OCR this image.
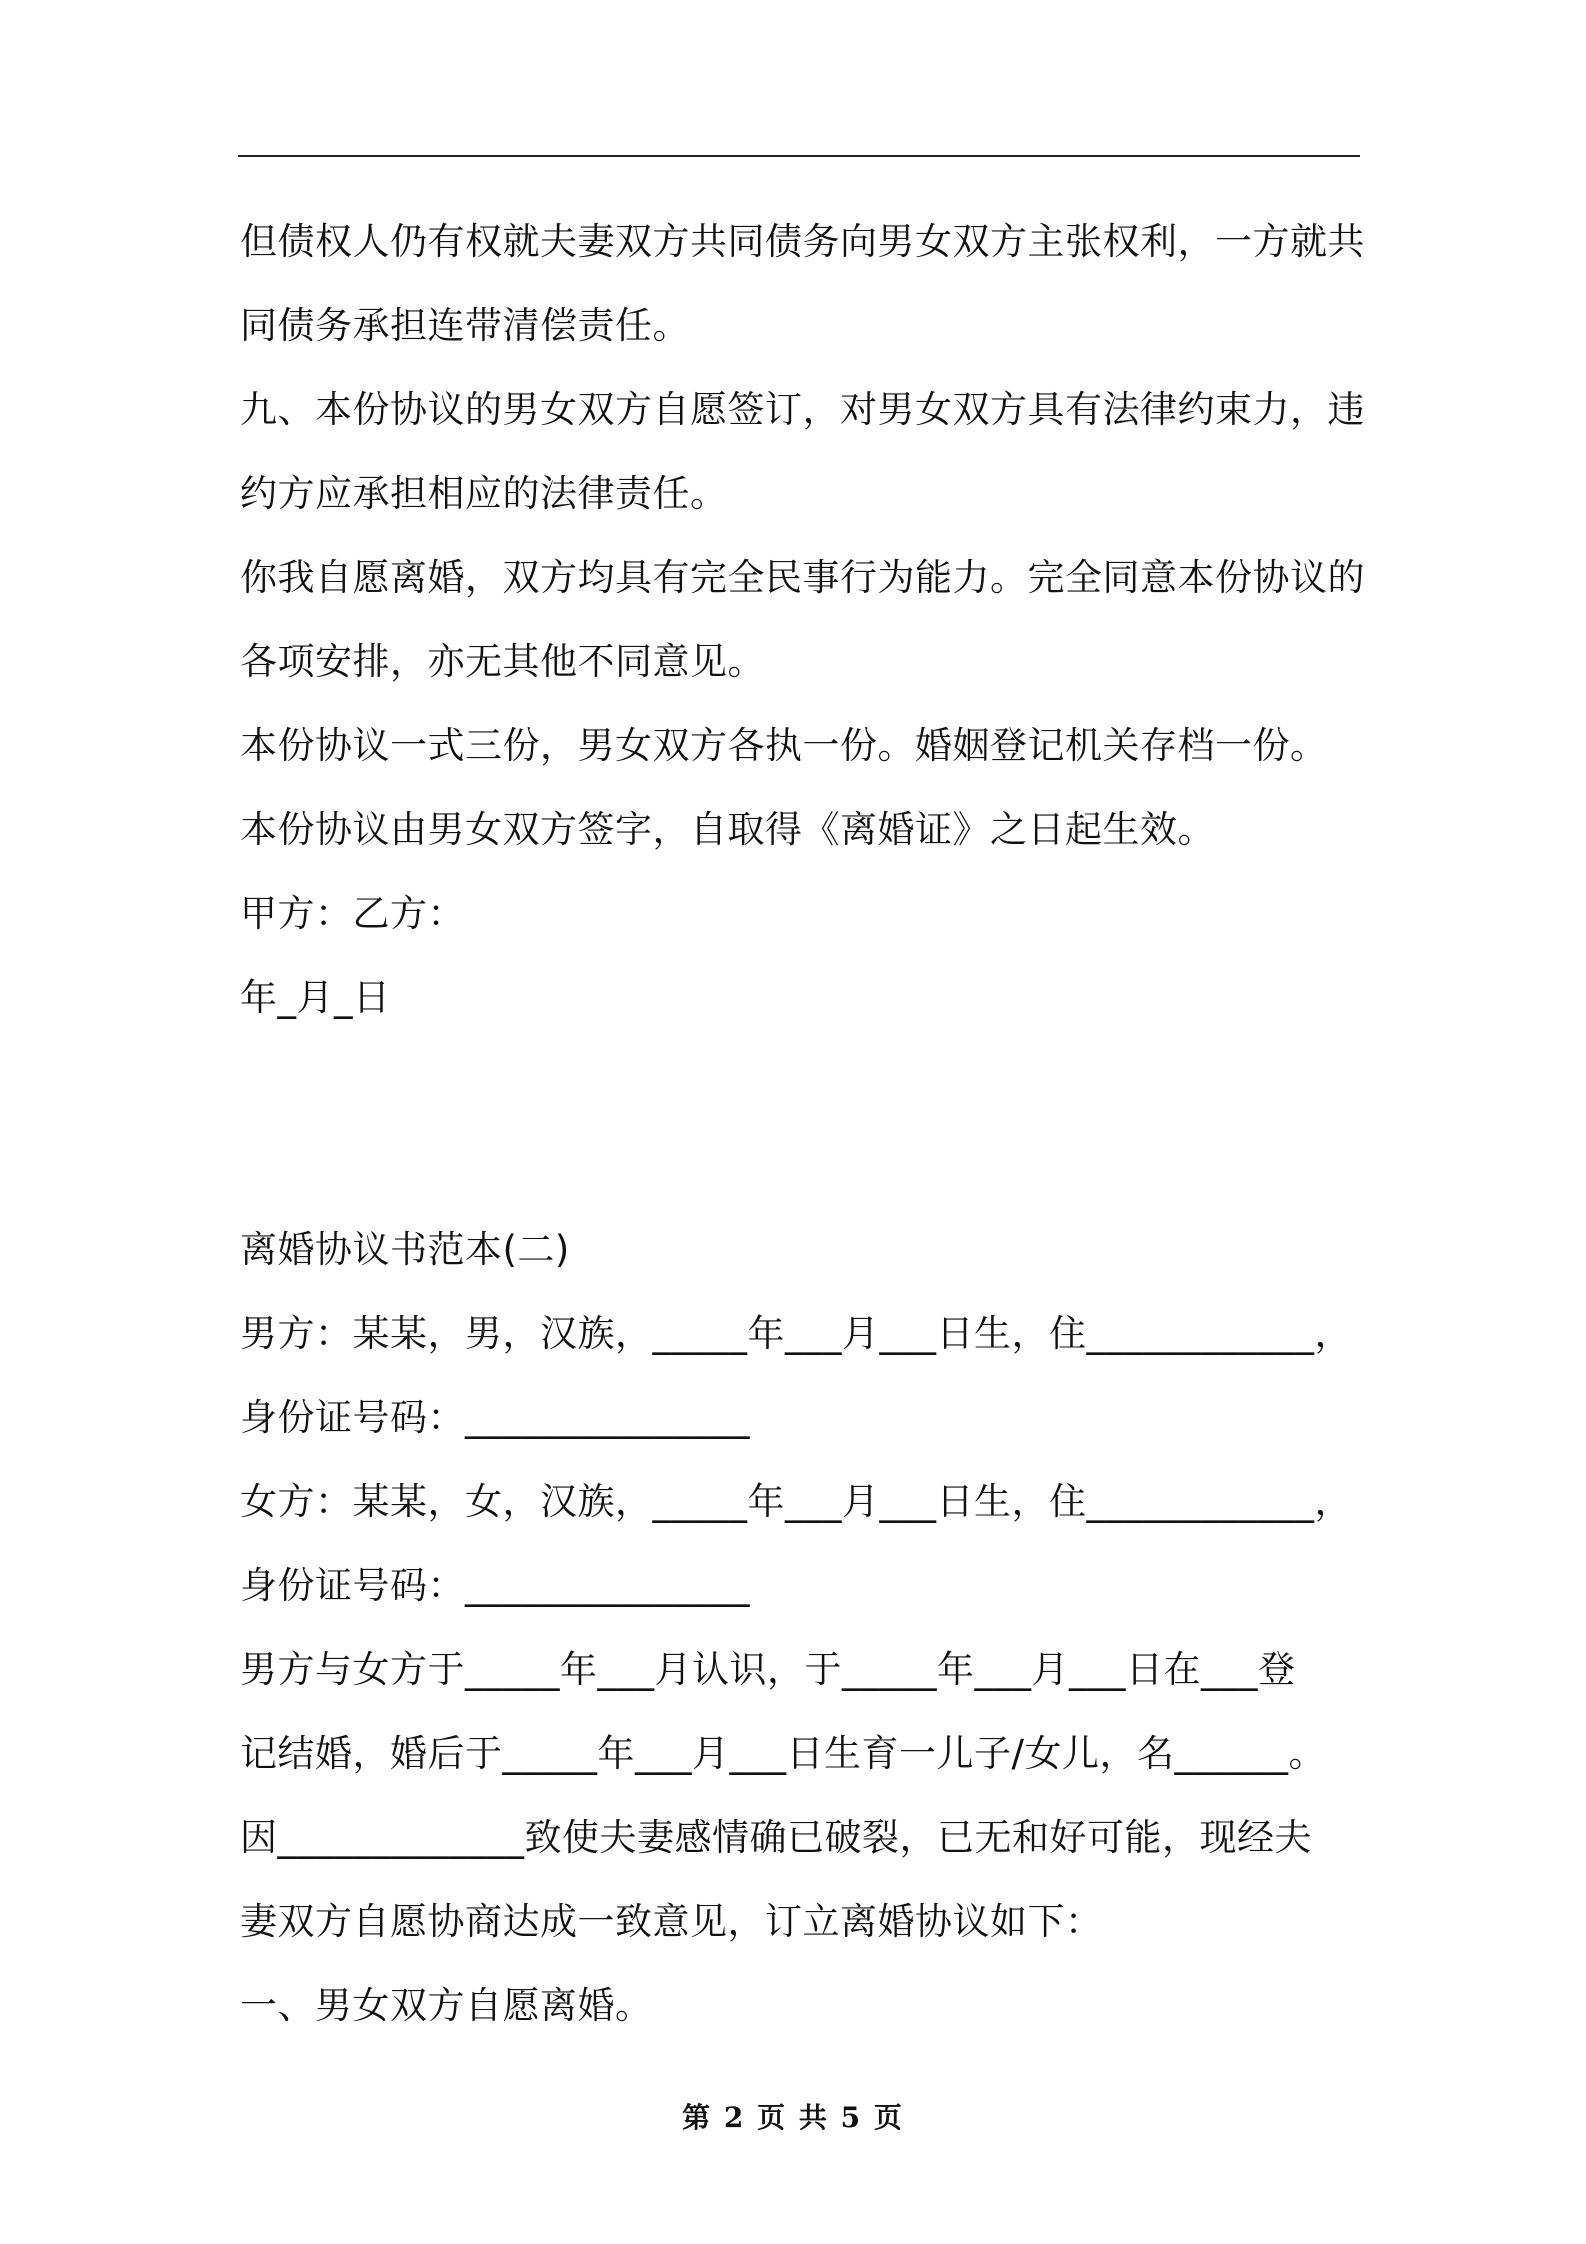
但债权人仍有权就夫妻双方共同债务向男女双方主张权利，一方就共
同债务承担连带清偿责任。
九、本份协议的男女双方自愿签订，对男女双方具有法律约束力，违
约方应承担相应的法律责任。
你我自愿离婚，双方均具有完全民事行为能力。完全同意本份协议的
各项安排，亦无其他不同意见。
本份协议一式三份，男女双方各执一份。婚姻登记机关存档一份。
本份协议由男女双方签字，自取得《离婚证》之日起生效。
甲方：乙方：
年_月_日
离婚协议书范本(二)
男方：某某，男，汉族，_____年___月___日生，住____________，
身份证号码：_______________
女方：某某，女，汉族，_____年___月___日生，住____________，
身份证号码：_______________
男方与女方于_____年___月认识，于_____年___月___日在___登
记结婚，婚后于_____年___月___日生育一儿子/女儿，名______。
因_____________致使夫妻感情确已破裂，已无和好可能，现经夫
妻双方自愿协商达成一致意见，订立离婚协议如下：
一、男女双方自愿离婚。
第 2 页 共 5 页
